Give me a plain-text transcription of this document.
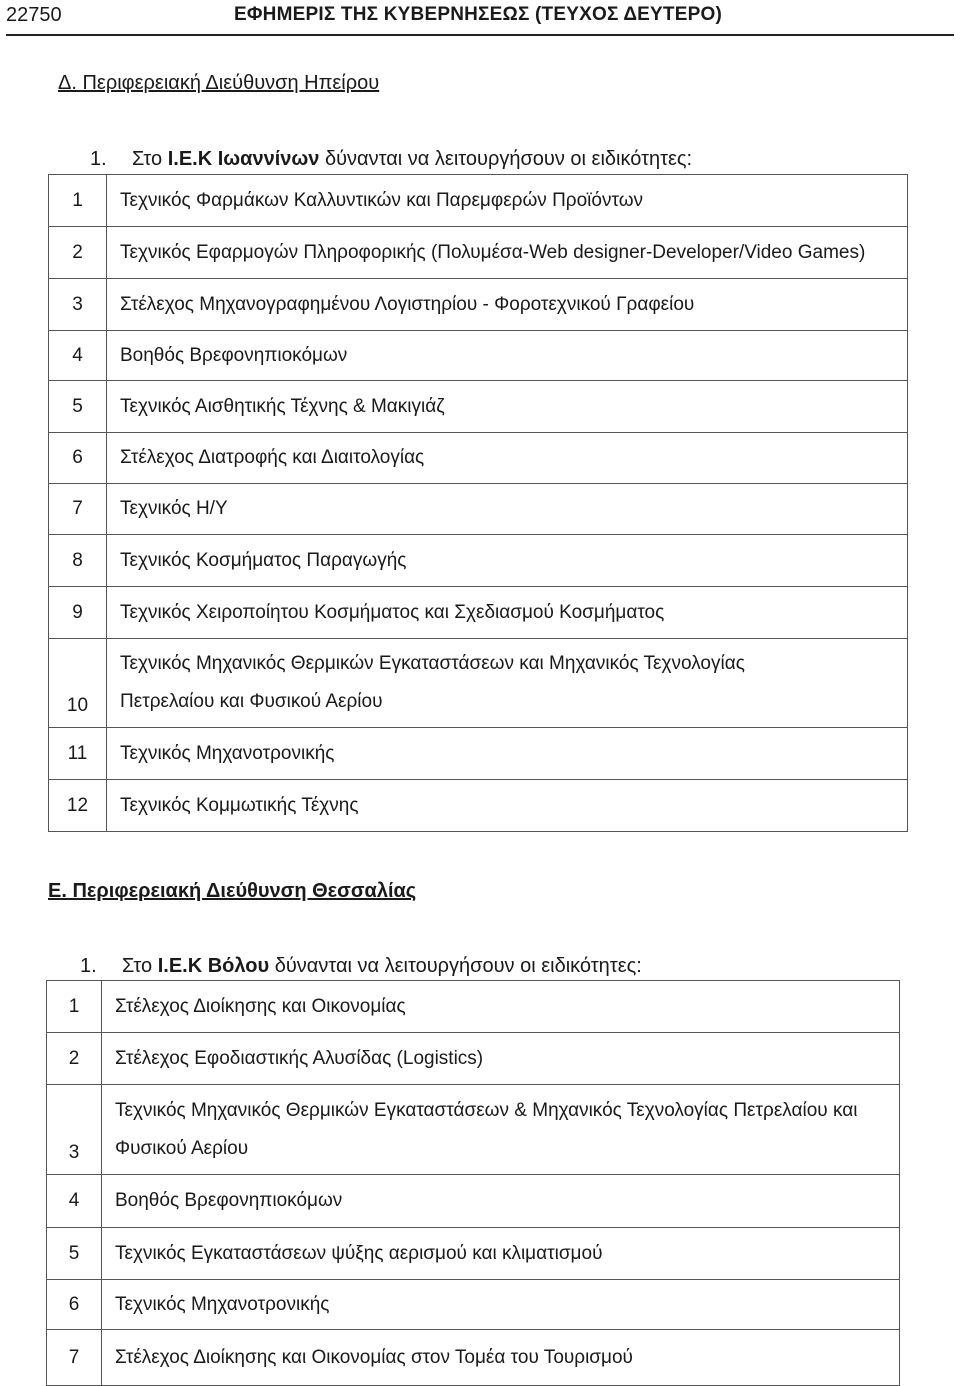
22750	ΕΦΗΜΕΡΙΣ ΤΗΣ ΚΥΒΕΡΝΗΣΕΩΣ (ΤΕΥΧΟΣ ΔΕΥΤΕΡΟ)
Δ. Περιφερειακή Διεύθυνση Ηπείρου
1. Στο Ι.Ε.Κ Ιωαννίνων δύνανται να λειτουργήσουν οι ειδικότητες:
1	Τεχνικός Φαρμάκων Καλλυντικών και Παρεμφερών Προϊόντων
2	Τεχνικός Εφαρμογών Πληροφορικής (Πολυμέσα-Web designer-Developer/Video Games)
3	Στέλεχος Μηχανογραφημένου Λογιστηρίου - Φοροτεχνικού Γραφείου
4	Βοηθός Βρεφονηπιοκόμων
5	Τεχνικός Αισθητικής Τέχνης & Μακιγιάζ
6	Στέλεχος Διατροφής και Διαιτολογίας
7	Τεχνικός Η/Υ
8	Τεχνικός Κοσμήματος Παραγωγής
9	Τεχνικός Χειροποίητου Κοσμήματος και Σχεδιασμού Κοσμήματος
10	Τεχνικός Μηχανικός Θερμικών Εγκαταστάσεων και Μηχανικός Τεχνολογίας
Πετρελαίου και Φυσικού Αερίου

11	Τεχνικός Μηχανοτρονικής
12	Τεχνικός Κομμωτικής Τέχνης
Ε. Περιφερειακή Διεύθυνση Θεσσαλίας
1. Στο Ι.Ε.Κ Βόλου δύνανται να λειτουργήσουν οι ειδικότητες:
1	Στέλεχος Διοίκησης και Οικονομίας
2	Στέλεχος Εφοδιαστικής Αλυσίδας (Logistics)
3	Τεχνικός Μηχανικός Θερμικών Εγκαταστάσεων & Μηχανικός Τεχνολογίας Πετρελαίου και
Φυσικού Αερίου

4	Βοηθός Βρεφονηπιοκόμων
5	Τεχνικός Εγκαταστάσεων ψύξης αερισμού και κλιματισμού
6	Τεχνικός Μηχανοτρονικής
7	Στέλεχος Διοίκησης και Οικονομίας στον Τομέα του Τουρισμού
